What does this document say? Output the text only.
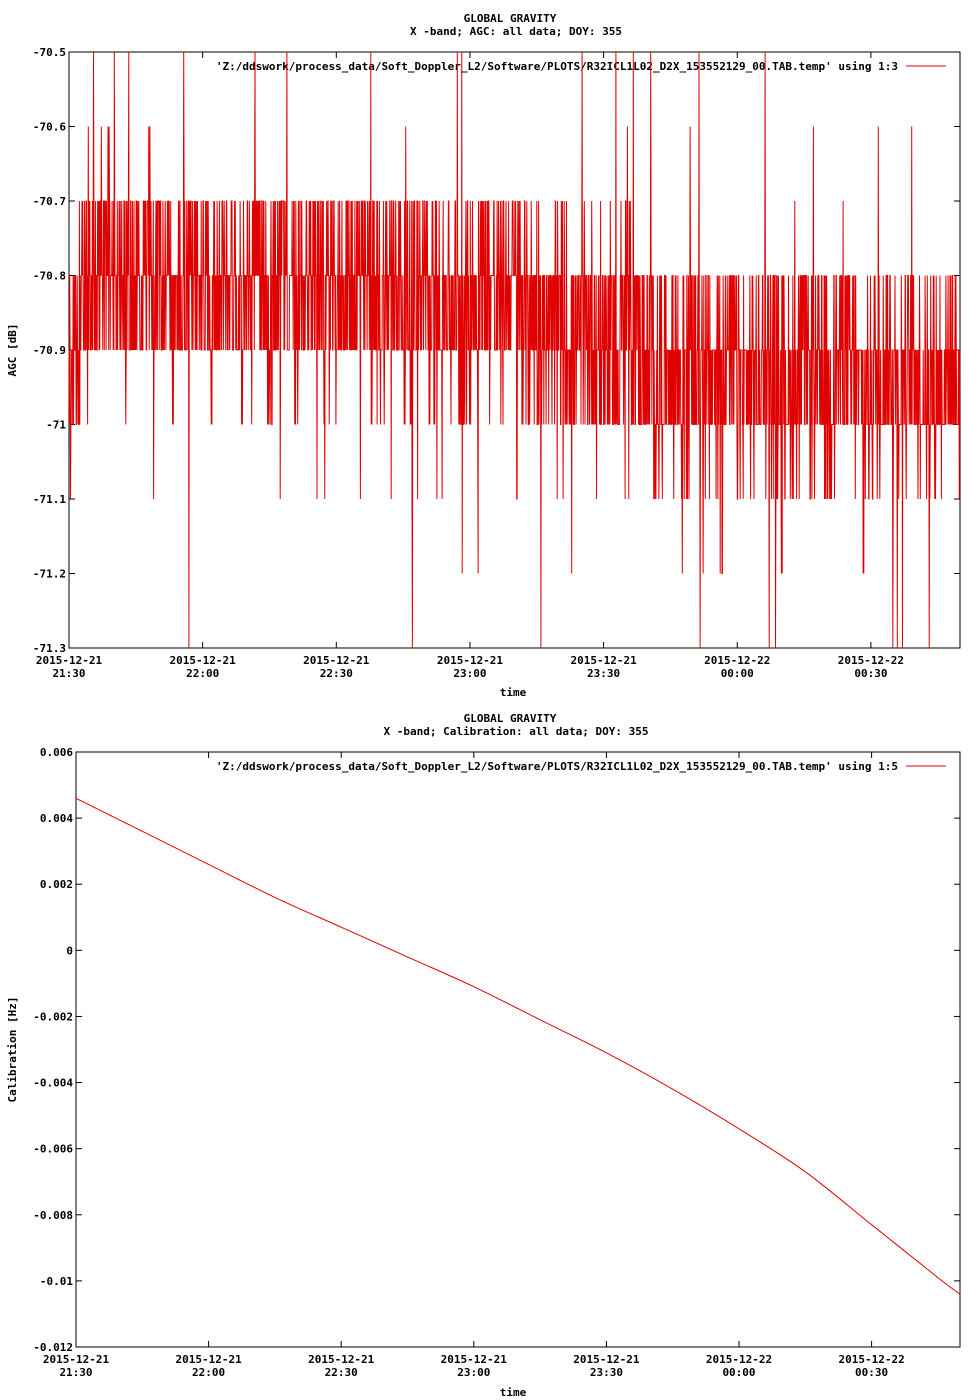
GLOBAL GRAVITY
X -band; AGC: all data; DOY: 355
-70.5
-70.6
-70.7
-70.8
-70.9
-71
-71.1
-71.2
-71.3
2015-12-21
21:30
2015-12-21
22:00
2015-12-21
22:30
2015-12-21
23:00
2015-12-21
23:30
2015-12-22
00:00
2015-12-22
00:30
time
AGC [dB]
'Z:/ddswork/process_data/Soft_Doppler_L2/Software/PLOTS/R32ICL1L02_D2X_153552129_00.TAB.temp' using 1:3
GLOBAL GRAVITY
X -band; Calibration: all data; DOY: 355
0.006
0.004
0.002
0
-0.002
-0.004
-0.006
-0.008
-0.01
-0.012
2015-12-21
21:30
2015-12-21
22:00
2015-12-21
22:30
2015-12-21
23:00
2015-12-21
23:30
2015-12-22
00:00
2015-12-22
00:30
time
Calibration [Hz]
'Z:/ddswork/process_data/Soft_Doppler_L2/Software/PLOTS/R32ICL1L02_D2X_153552129_00.TAB.temp' using 1:5
